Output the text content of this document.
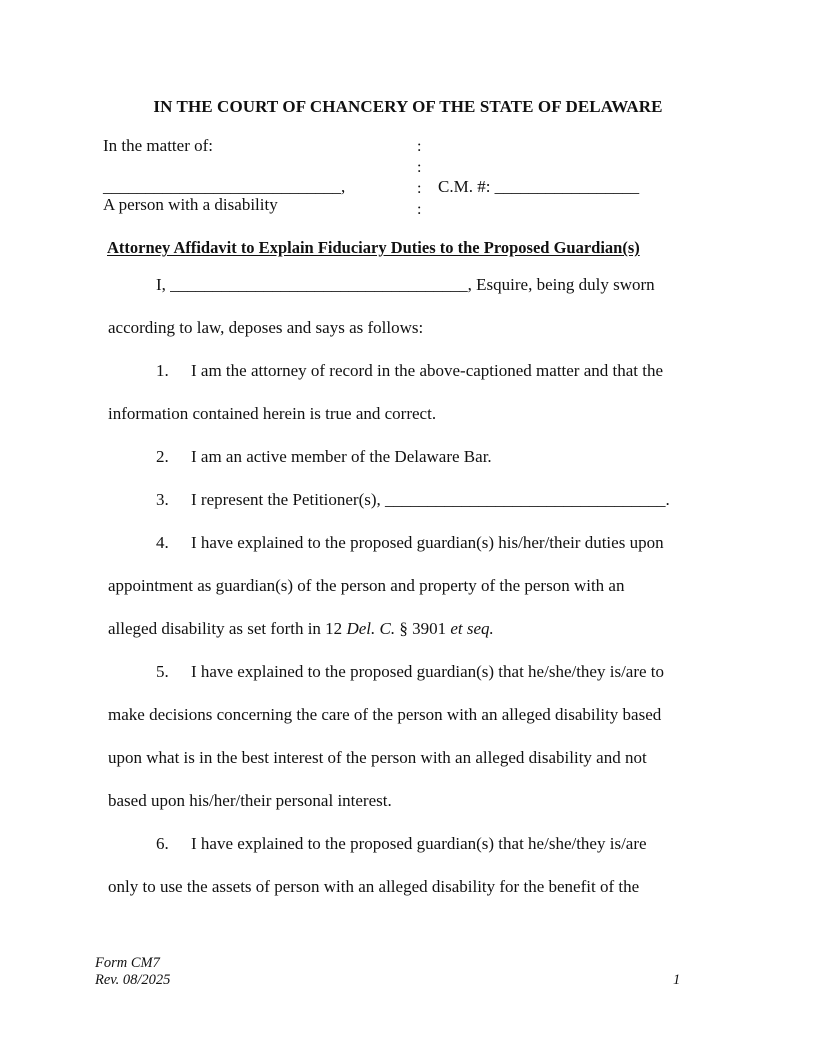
IN THE COURT OF CHANCERY OF THE STATE OF DELAWARE
In the matter of:
____________________________,
A person with a disability
:
:
:
:
C.M. #: _________________
Attorney Affidavit to Explain Fiduciary Duties to the Proposed Guardian(s)
I, ___________________________________, Esquire, being duly sworn
according to law, deposes and says as follows:
1. I am the attorney of record in the above-captioned matter and that the
information contained herein is true and correct.
2. I am an active member of the Delaware Bar.
3. I represent the Petitioner(s), _________________________________.
4. I have explained to the proposed guardian(s) his/her/their duties upon
appointment as guardian(s) of the person and property of the person with an
alleged disability as set forth in 12 Del. C. § 3901 et seq.
5. I have explained to the proposed guardian(s) that he/she/they is/are to
make decisions concerning the care of the person with an alleged disability based
upon what is in the best interest of the person with an alleged disability and not
based upon his/her/their personal interest.
6. I have explained to the proposed guardian(s) that he/she/they is/are
only to use the assets of person with an alleged disability for the benefit of the
Form CM7
Rev. 08/2025	1
